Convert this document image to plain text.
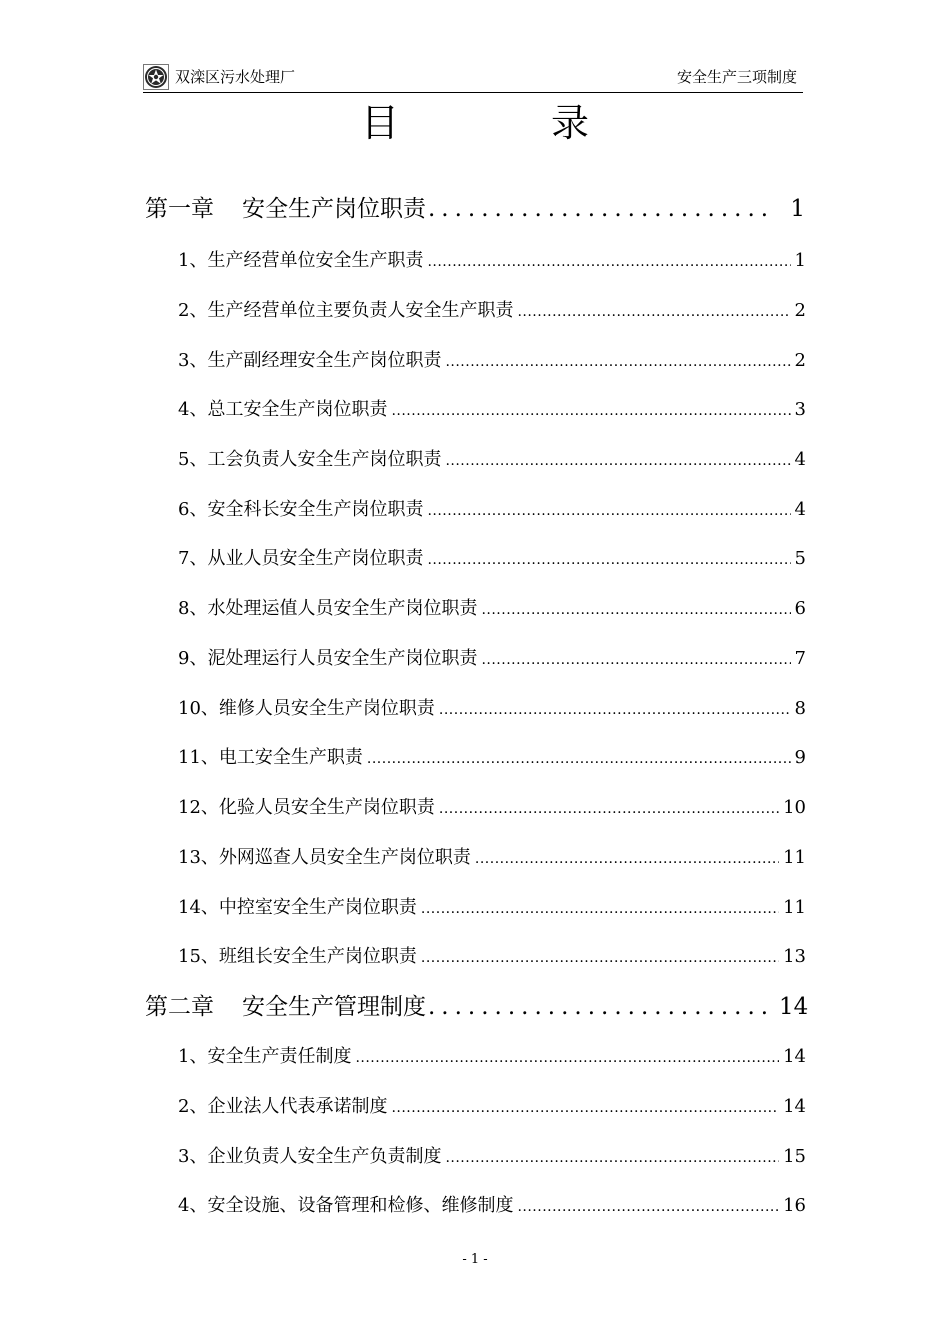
双滦区污水处理厂	安全生产三项制度
目 录
第一章 安全生产岗位职责 .....	1
1、生产经营单位安全生产职责 .....	1
2、生产经营单位主要负责人安全生产职责 .....	2
3、生产副经理安全生产岗位职责 .....	2
4、总工安全生产岗位职责 .....	3
5、工会负责人安全生产岗位职责 .....	4
6、安全科长安全生产岗位职责 .....	4
7、从业人员安全生产岗位职责 .....	5
8、水处理运值人员安全生产岗位职责 .....	6
9、泥处理运行人员安全生产岗位职责 .....	7
10、维修人员安全生产岗位职责 .....	8
11、电工安全生产职责 .....	9
12、化验人员安全生产岗位职责 .....	10
13、外网巡查人员安全生产岗位职责 .....	11
14、中控室安全生产岗位职责 .....	11
15、班组长安全生产岗位职责 .....	13
第二章 安全生产管理制度 .....	14
1、安全生产责任制度 .....	14
2、企业法人代表承诺制度 .....	14
3、企业负责人安全生产负责制度 .....	15
4、安全设施、设备管理和检修、维修制度 .....	16
- 1 -
